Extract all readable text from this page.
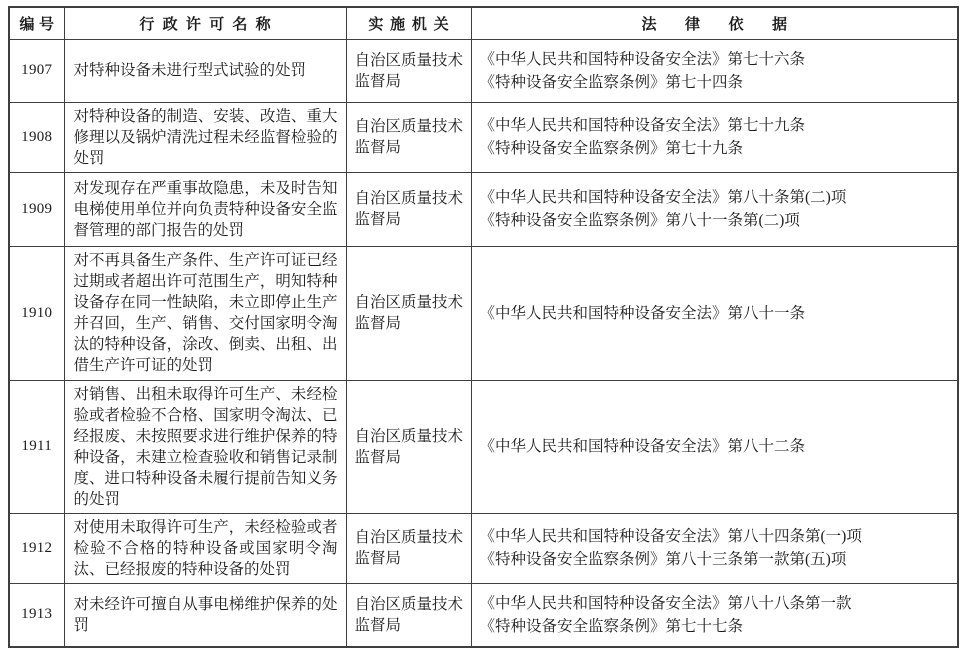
编号	行政许可名称	实施机关	法律依据
1907	对特种设备未进行型式试验的处罚	自治区质量技术监督局	《中华人民共和国特种设备安全法》第七十六条
《特种设备安全监察条例》第七十四条

1908	对特种设备的制造、安装、改造、重大修理以及锅炉清洗过程未经监督检验的处罚	自治区质量技术监督局	《中华人民共和国特种设备安全法》第七十九条
《特种设备安全监察条例》第七十九条

1909	对发现存在严重事故隐患，未及时告知电梯使用单位并向负责特种设备安全监督管理的部门报告的处罚	自治区质量技术监督局	《中华人民共和国特种设备安全法》第八十条第(二)项
《特种设备安全监察条例》第八十一条第(二)项

1910	对不再具备生产条件、生产许可证已经过期或者超出许可范围生产，明知特种设备存在同一性缺陷，未立即停止生产并召回，生产、销售、交付国家明令淘汰的特种设备，涂改、倒卖、出租、出借生产许可证的处罚	自治区质量技术监督局	《中华人民共和国特种设备安全法》第八十一条

1911	对销售、出租未取得许可生产、未经检验或者检验不合格、国家明令淘汰、已经报废、未按照要求进行维护保养的特种设备，未建立检查验收和销售记录制度、进口特种设备未履行提前告知义务的处罚	自治区质量技术监督局	《中华人民共和国特种设备安全法》第八十二条

1912	对使用未取得许可生产，未经检验或者检验不合格的特种设备或国家明令淘汰、已经报废的特种设备的处罚	自治区质量技术监督局	《中华人民共和国特种设备安全法》第八十四条第(一)项
《特种设备安全监察条例》第八十三条第一款第(五)项

1913	对未经许可擅自从事电梯维护保养的处罚	自治区质量技术监督局	《中华人民共和国特种设备安全法》第八十八条第一款
《特种设备安全监察条例》第七十七条
